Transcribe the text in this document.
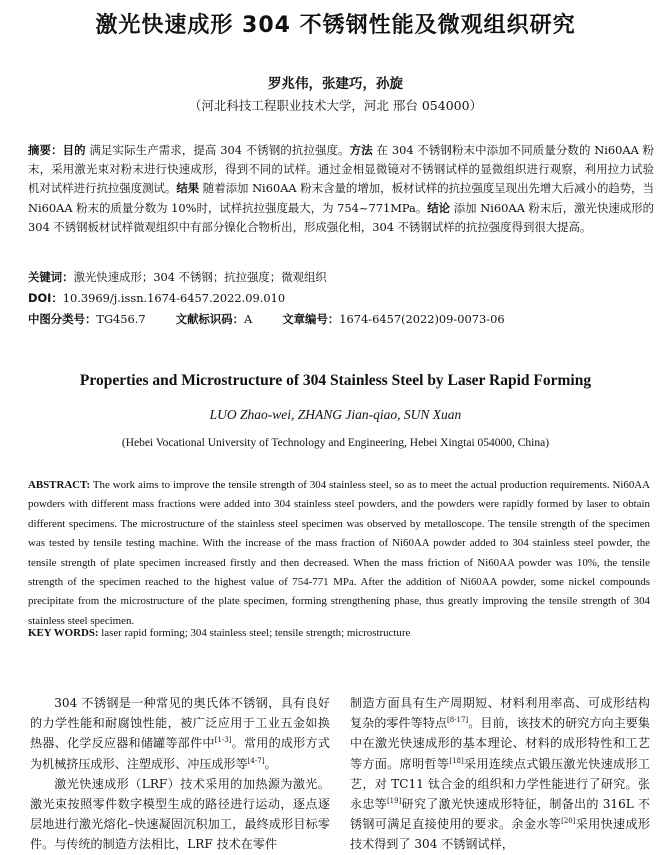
激光快速成形 304 不锈钢性能及微观组织研究
罗兆伟，张建巧，孙旋
（河北科技工程职业技术大学，河北 邢台 054000）
摘要：目的 满足实际生产需求，提高 304 不锈钢的抗拉强度。方法 在 304 不锈钢粉末中添加不同质量分数的 Ni60AA 粉末，采用激光束对粉末进行快速成形，得到不同的试样。通过金相显微镜对不锈钢试样的显微组织进行观察，利用拉力试验机对试样进行抗拉强度测试。结果 随着添加 Ni60AA 粉末含量的增加，板材试样的抗拉强度呈现出先增大后减小的趋势，当 Ni60AA 粉末的质量分数为 10%时，试样抗拉强度最大，为 754~771MPa。结论 添加 Ni60AA 粉末后，激光快速成形的 304 不锈钢板材试样微观组织中有部分镍化合物析出，形成强化相，304 不锈钢试样的抗拉强度得到很大提高。
关键词：激光快速成形；304 不锈钢；抗拉强度；微观组织
DOI：10.3969/j.issn.1674-6457.2022.09.010
中图分类号：TG456.7	文献标识码：A	文章编号：1674-6457(2022)09-0073-06
Properties and Microstructure of 304 Stainless Steel by Laser Rapid Forming
LUO Zhao-wei, ZHANG Jian-qiao, SUN Xuan
(Hebei Vocational University of Technology and Engineering, Hebei Xingtai 054000, China)
ABSTRACT: The work aims to improve the tensile strength of 304 stainless steel, so as to meet the actual production requirements. Ni60AA powders with different mass fractions were added into 304 stainless steel powders, and the powders were rapidly formed by laser to obtain different specimens. The microstructure of the stainless steel specimen was observed by metalloscope. The tensile strength of the specimen was tested by tensile testing machine. With the increase of the mass fraction of Ni60AA powder added to 304 stainless steel powder, the tensile strength of plate specimen increased firstly and then decreased. When the mass friction of Ni60AA powder was 10%, the tensile strength of the specimen reached to the highest value of 754-771 MPa. After the addition of Ni60AA powder, some nickel compounds precipitate from the microstructure of the plate specimen, forming strengthening phase, thus greatly improving the tensile strength of 304 stainless steel specimen.
KEY WORDS: laser rapid forming; 304 stainless steel; tensile strength; microstructure
304 不锈钢是一种常见的奥氏体不锈钢，具有良好的力学性能和耐腐蚀性能，被广泛应用于工业五金如换热器、化学反应器和储罐等部件中[1-3]。常用的成形方式为机械挤压成形、注塑成形、冲压成形等[4-7]。
激光快速成形（LRF）技术采用的加热源为激光。激光束按照零件数字模型生成的路径进行运动，逐点逐层地进行激光熔化–快速凝固沉积加工，最终成形目标零件。与传统的制造方法相比，LRF 技术在零件
制造方面具有生产周期短、材料利用率高、可成形结构复杂的零件等特点[8-17]。目前，该技术的研究方向主要集中在激光快速成形的基本理论、材料的成形特性和工艺等方面。席明哲等[18]采用连续点式锻压激光快速成形工艺，对 TC11 钛合金的组织和力学性能进行了研究。张永忠等[19]研究了激光快速成形特征，制备出的 316L 不锈钢可满足直接使用的要求。余金水等[20]采用快速成形技术得到了 304 不锈钢试样，
